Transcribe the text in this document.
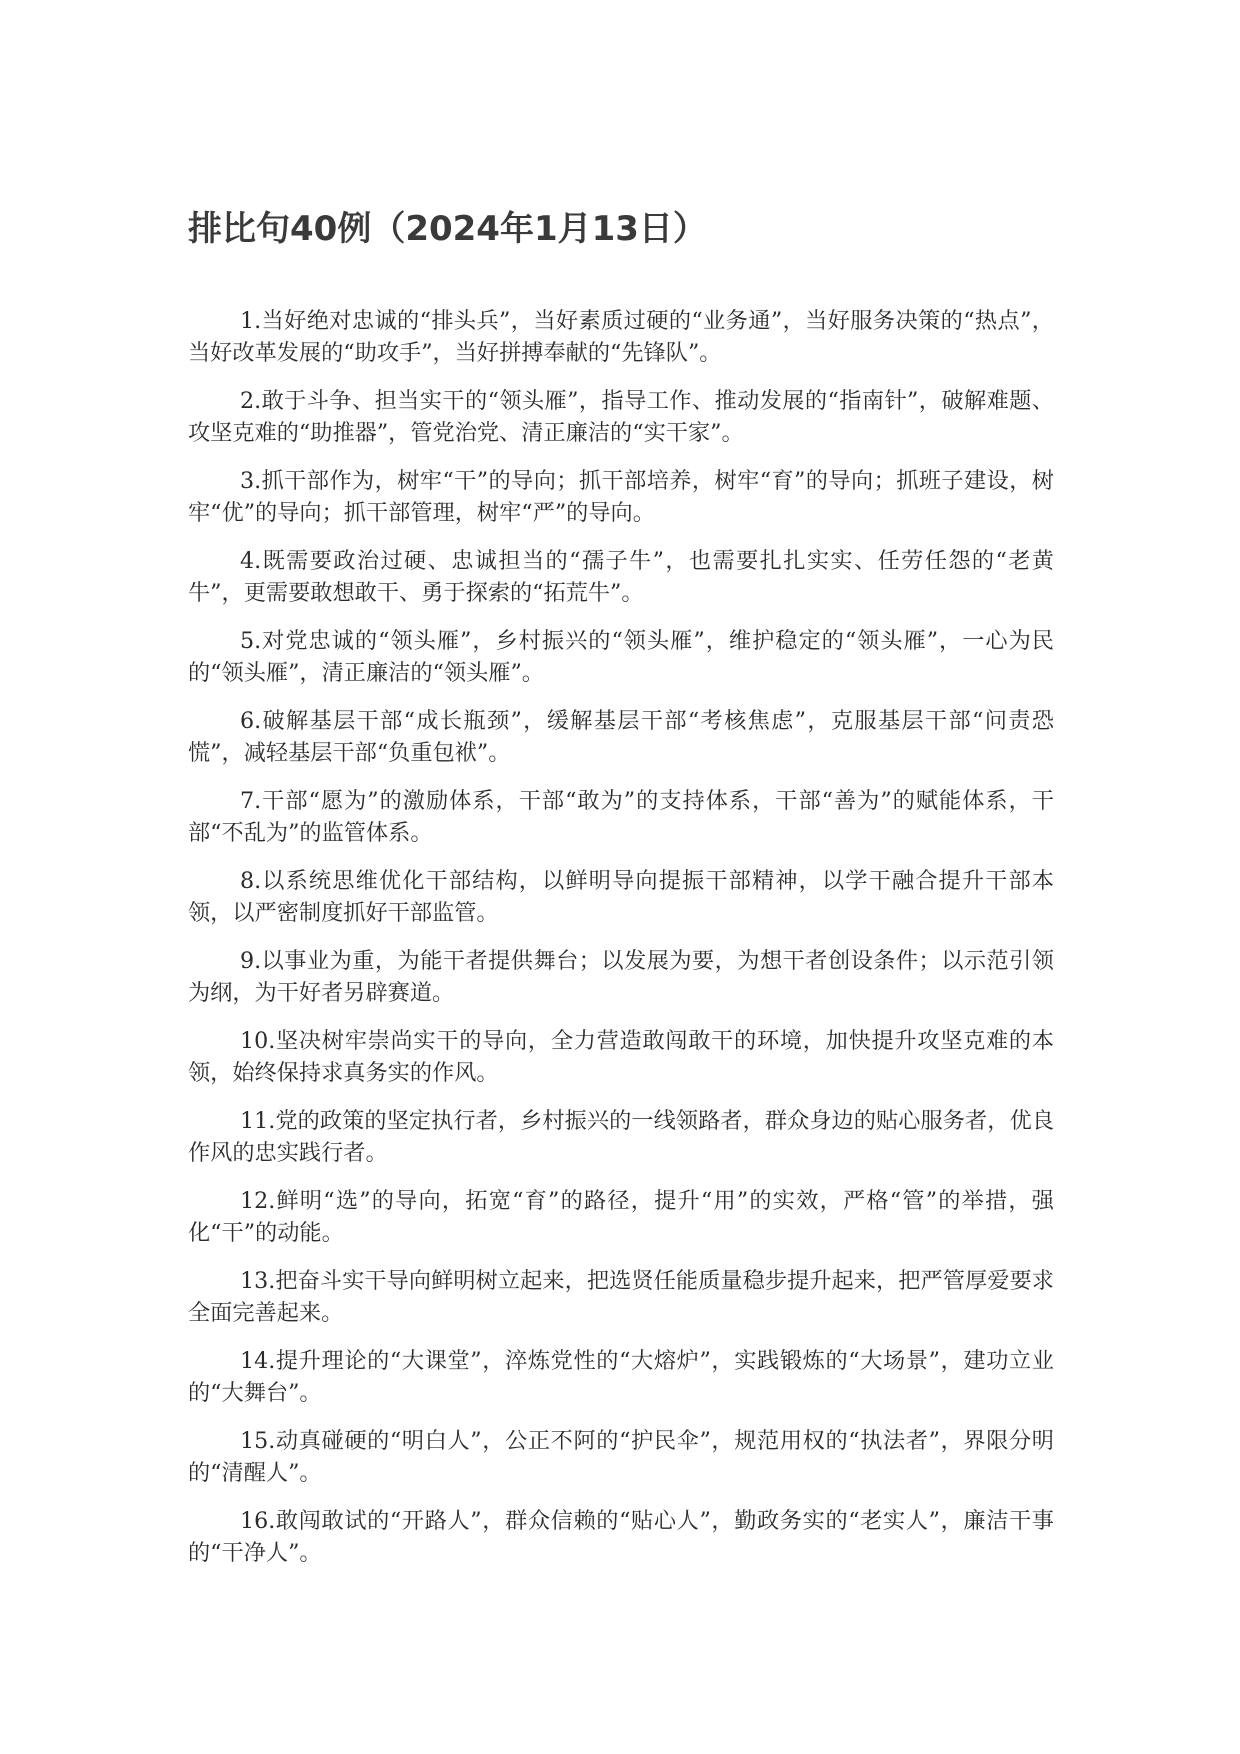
排比句40例（2024年1月13日）

1.当好绝对忠诚的“排头兵”，当好素质过硬的“业务通”，当好服务决策的“热点”，当好改革发展的“助攻手”，当好拼搏奉献的“先锋队”。

2.敢于斗争、担当实干的“领头雁”，指导工作、推动发展的“指南针”，破解难题、攻坚克难的“助推器”，管党治党、清正廉洁的“实干家”。

3.抓干部作为，树牢“干”的导向；抓干部培养，树牢“育”的导向；抓班子建设，树牢“优”的导向；抓干部管理，树牢“严”的导向。

4.既需要政治过硬、忠诚担当的“孺子牛”，也需要扎扎实实、任劳任怨的“老黄牛”，更需要敢想敢干、勇于探索的“拓荒牛”。

5.对党忠诚的“领头雁”，乡村振兴的“领头雁”，维护稳定的“领头雁”，一心为民的“领头雁”，清正廉洁的“领头雁”。

6.破解基层干部“成长瓶颈”，缓解基层干部“考核焦虑”，克服基层干部“问责恐慌”，减轻基层干部“负重包袱”。

7.干部“愿为”的激励体系，干部“敢为”的支持体系，干部“善为”的赋能体系，干部“不乱为”的监管体系。

8.以系统思维优化干部结构，以鲜明导向提振干部精神，以学干融合提升干部本领，以严密制度抓好干部监管。

9.以事业为重，为能干者提供舞台；以发展为要，为想干者创设条件；以示范引领为纲，为干好者另辟赛道。

10.坚决树牢崇尚实干的导向，全力营造敢闯敢干的环境，加快提升攻坚克难的本领，始终保持求真务实的作风。

11.党的政策的坚定执行者，乡村振兴的一线领路者，群众身边的贴心服务者，优良作风的忠实践行者。

12.鲜明“选”的导向，拓宽“育”的路径，提升“用”的实效，严格“管”的举措，强化“干”的动能。

13.把奋斗实干导向鲜明树立起来，把选贤任能质量稳步提升起来，把严管厚爱要求全面完善起来。

14.提升理论的“大课堂”，淬炼党性的“大熔炉”，实践锻炼的“大场景”，建功立业的“大舞台”。

15.动真碰硬的“明白人”，公正不阿的“护民伞”，规范用权的“执法者”，界限分明的“清醒人”。

16.敢闯敢试的“开路人”，群众信赖的“贴心人”，勤政务实的“老实人”，廉洁干事的“干净人”。
